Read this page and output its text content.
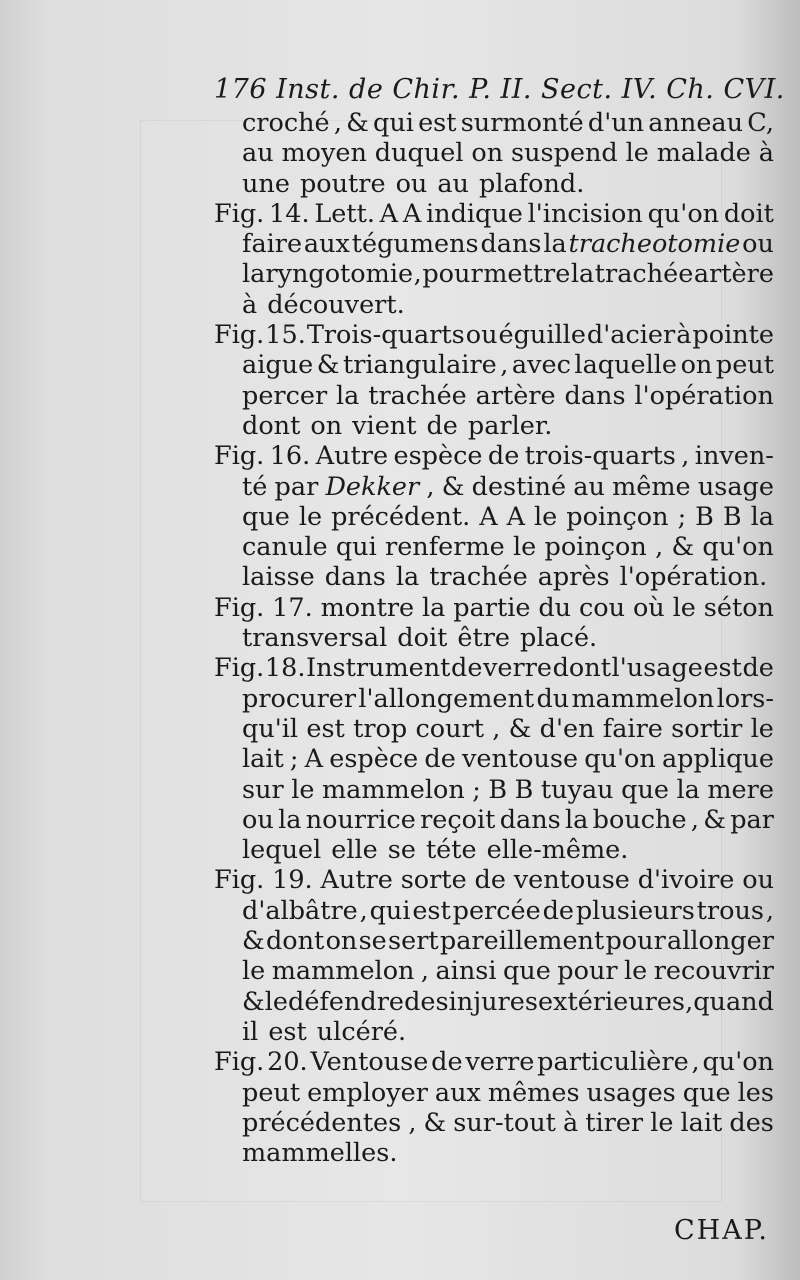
176 Inst. de Chir. P. II. Sect. IV. Ch. CVI.
croché , & qui est surmonté d'un anneau C,
au moyen duquel on suspend le malade à
une poutre ou au plafond.
Fig. 14. Lett. A A indique l'incision qu'on doit
faire aux tégumens dans la tracheotomie ou
laryngotomie , pour mettre la trachée artère
à découvert.
Fig. 15. Trois-quarts ou éguille d'acier à pointe
aigue & triangulaire , avec laquelle on peut
percer la trachée artère dans l'opération
dont on vient de parler.
Fig. 16. Autre espèce de trois-quarts , inven-
té par Dekker , & destiné au même usage
que le précédent. A A le poinçon ; B B la
canule qui renferme le poinçon , & qu'on
laisse dans la trachée après l'opération.
Fig. 17. montre la partie du cou où le séton
transversal doit être placé.
Fig. 18. Instrument de verre dont l'usage est de
procurer l'allongement du mammelon lors-
qu'il est trop court , & d'en faire sortir le
lait ; A espèce de ventouse qu'on applique
sur le mammelon ; B B tuyau que la mere
ou la nourrice reçoit dans la bouche , & par
lequel elle se téte elle-même.
Fig. 19. Autre sorte de ventouse d'ivoire ou
d'albâtre , qui est percée de plusieurs trous ,
& dont on se sert pareillement pour allonger
le mammelon , ainsi que pour le recouvrir
& le défendre des injures extérieures , quand
il est ulcéré.
Fig. 20. Ventouse de verre particulière , qu'on
peut employer aux mêmes usages que les
précédentes , & sur-tout à tirer le lait des
mammelles.
CHAP.
